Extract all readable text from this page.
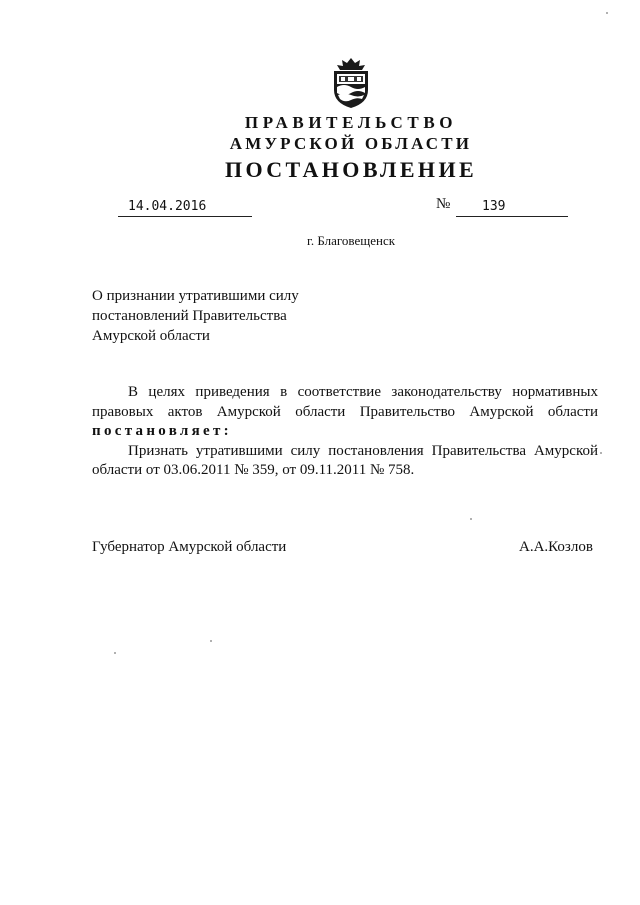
ПРАВИТЕЛЬСТВО
АМУРСКОЙ ОБЛАСТИ
ПОСТАНОВЛЕНИЕ
14.04.2016	№	139
г. Благовещенск
О признании утратившими силу
постановлений Правительства
Амурской области
В целях приведения в соответствие законодательству нормативных
правовых актов Амурской области Правительство Амурской области
постановляет:
Признать утратившими силу постановления Правительства Амурской
области от 03.06.2011 № 359, от 09.11.2011 № 758.
Губернатор Амурской области	А.А.Козлов
